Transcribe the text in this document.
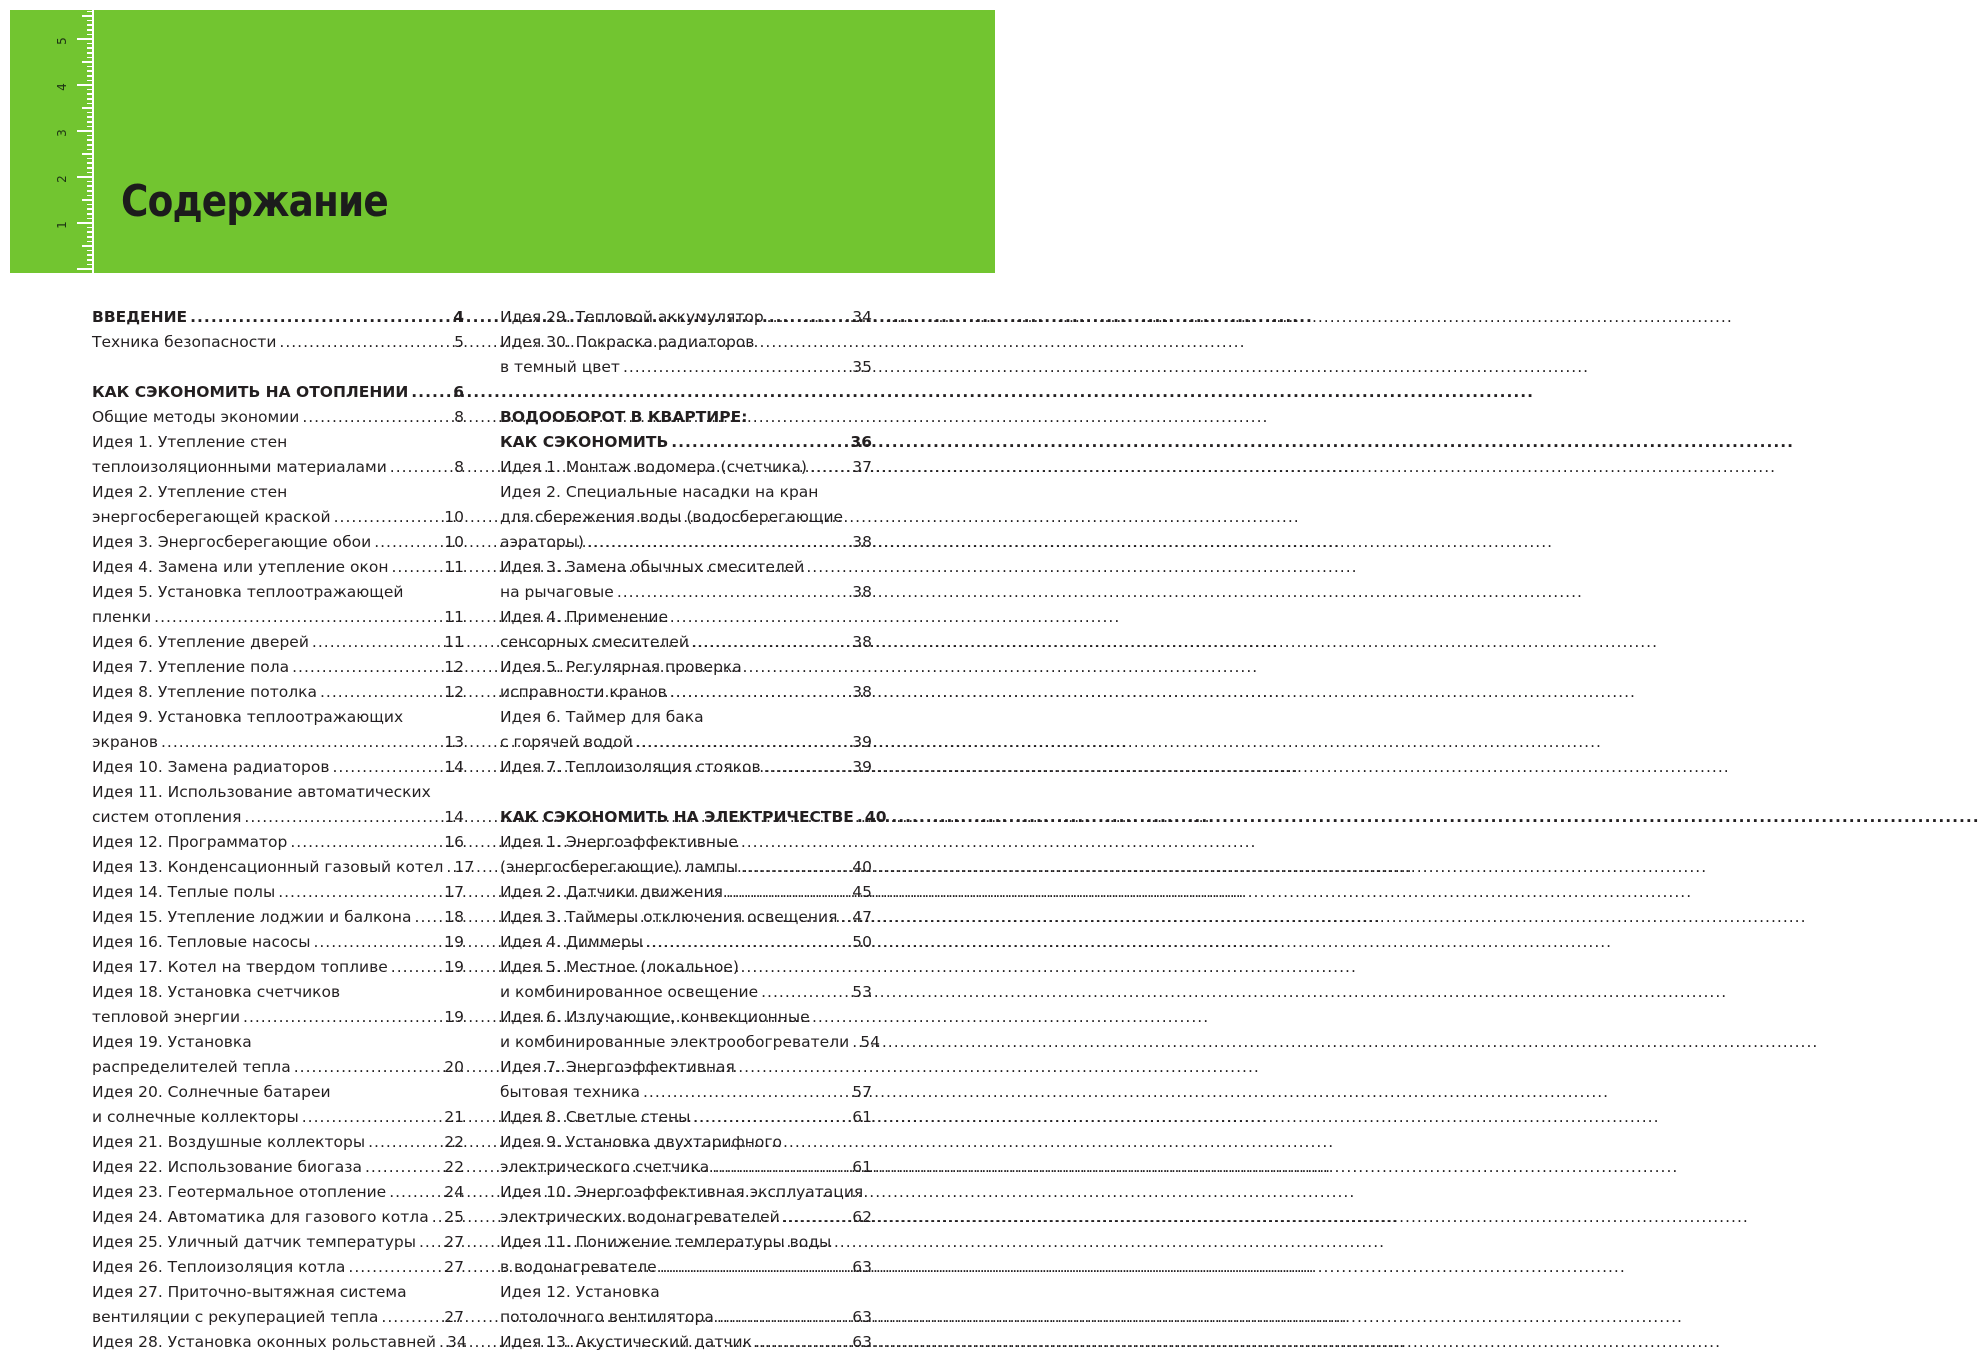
1
2
3
4
5
Содержание
ВВЕДЕНИЕ .....	4
Техника безопасности .....	5
КАК СЭКОНОМИТЬ НА ОТОПЛЕНИИ .....	6
Общие методы экономии .....	8
Идея 1. Утепление стен
теплоизоляционными материалами .....	8
Идея 2. Утепление стен
энергосберегающей краской .....	10
Идея 3. Энергосберегающие обои .....	10
Идея 4. Замена или утепление окон .....	11
Идея 5. Установка теплоотражающей
пленки .....	11
Идея 6. Утепление дверей .....	11
Идея 7. Утепление пола .....	12
Идея 8. Утепление потолка .....	12
Идея 9. Установка теплоотражающих
экранов .....	13
Идея 10. Замена радиаторов .....	14
Идея 11. Использование автоматических
систем отопления .....	14
Идея 12. Программатор .....	16
Идея 13. Конденсационный газовый котел ..... 17
Идея 14. Теплые полы .....	17
Идея 15. Утепление лоджии и балкона ..... 18
Идея 16. Тепловые насосы .....	19
Идея 17. Котел на твердом топливе .....	19
Идея 18. Установка счетчиков
тепловой энергии .....	19
Идея 19. Установка
распределителей тепла .....	20
Идея 20. Солнечные батареи
и солнечные коллекторы .....	21
Идея 21. Воздушные коллекторы .....	22
Идея 22. Использование биогаза .....	22
Идея 23. Геотермальное отопление .....	24
Идея 24. Автоматика для газового котла ..... 25
Идея 25. Уличный датчик температуры ..... 27
Идея 26. Теплоизоляция котла .....	27
Идея 27. Приточно-вытяжная система
вентиляции с рекуперацией тепла .....	27
Идея 28. Установка оконных рольставней ..... 34
Идея 29. Тепловой аккумулятор .....	34
Идея 30. Покраска радиаторов
в темный цвет .....	35
ВОДООБОРОТ В КВАРТИРЕ:
КАК СЭКОНОМИТЬ .....	36
Идея 1. Монтаж водомера (счетчика) .....	37
Идея 2. Специальные насадки на кран
для сбережения воды (водосберегающие
аэраторы) .....	38
Идея 3. Замена обычных смесителей
на рычаговые .....	38
Идея 4. Применение
сенсорных смесителей .....	38
Идея 5. Регулярная проверка
исправности кранов .....	38
Идея 6. Таймер для бака
с горячей водой .....	39
Идея 7. Теплоизоляция стояков .....	39
КАК СЭКОНОМИТЬ НА ЭЛЕКТРИЧЕСТВЕ ..... 40
Идея 1. Энергоэффективные
(энергосберегающие) лампы .....	40
Идея 2. Датчики движения .....	45
Идея 3. Таймеры отключения освещения ..... 47
Идея 4. Диммеры .....	50
Идея 5. Местное (локальное)
и комбинированное освещение .....	53
Идея 6. Излучающие, конвекционные
и комбинированные электрообогреватели ..... 54
Идея 7. Энергоэффективная
бытовая техника .....	57
Идея 8. Светлые стены .....	61
Идея 9. Установка двухтарифного
электрического счетчика .....	61
Идея 10. Энергоэффективная эксплуатация
электрических водонагревателей .....	62
Идея 11. Понижение температуры воды
в водонагревателе .....	63
Идея 12. Установка
потолочного вентилятора .....	63
Идея 13. Акустический датчик .....	63
